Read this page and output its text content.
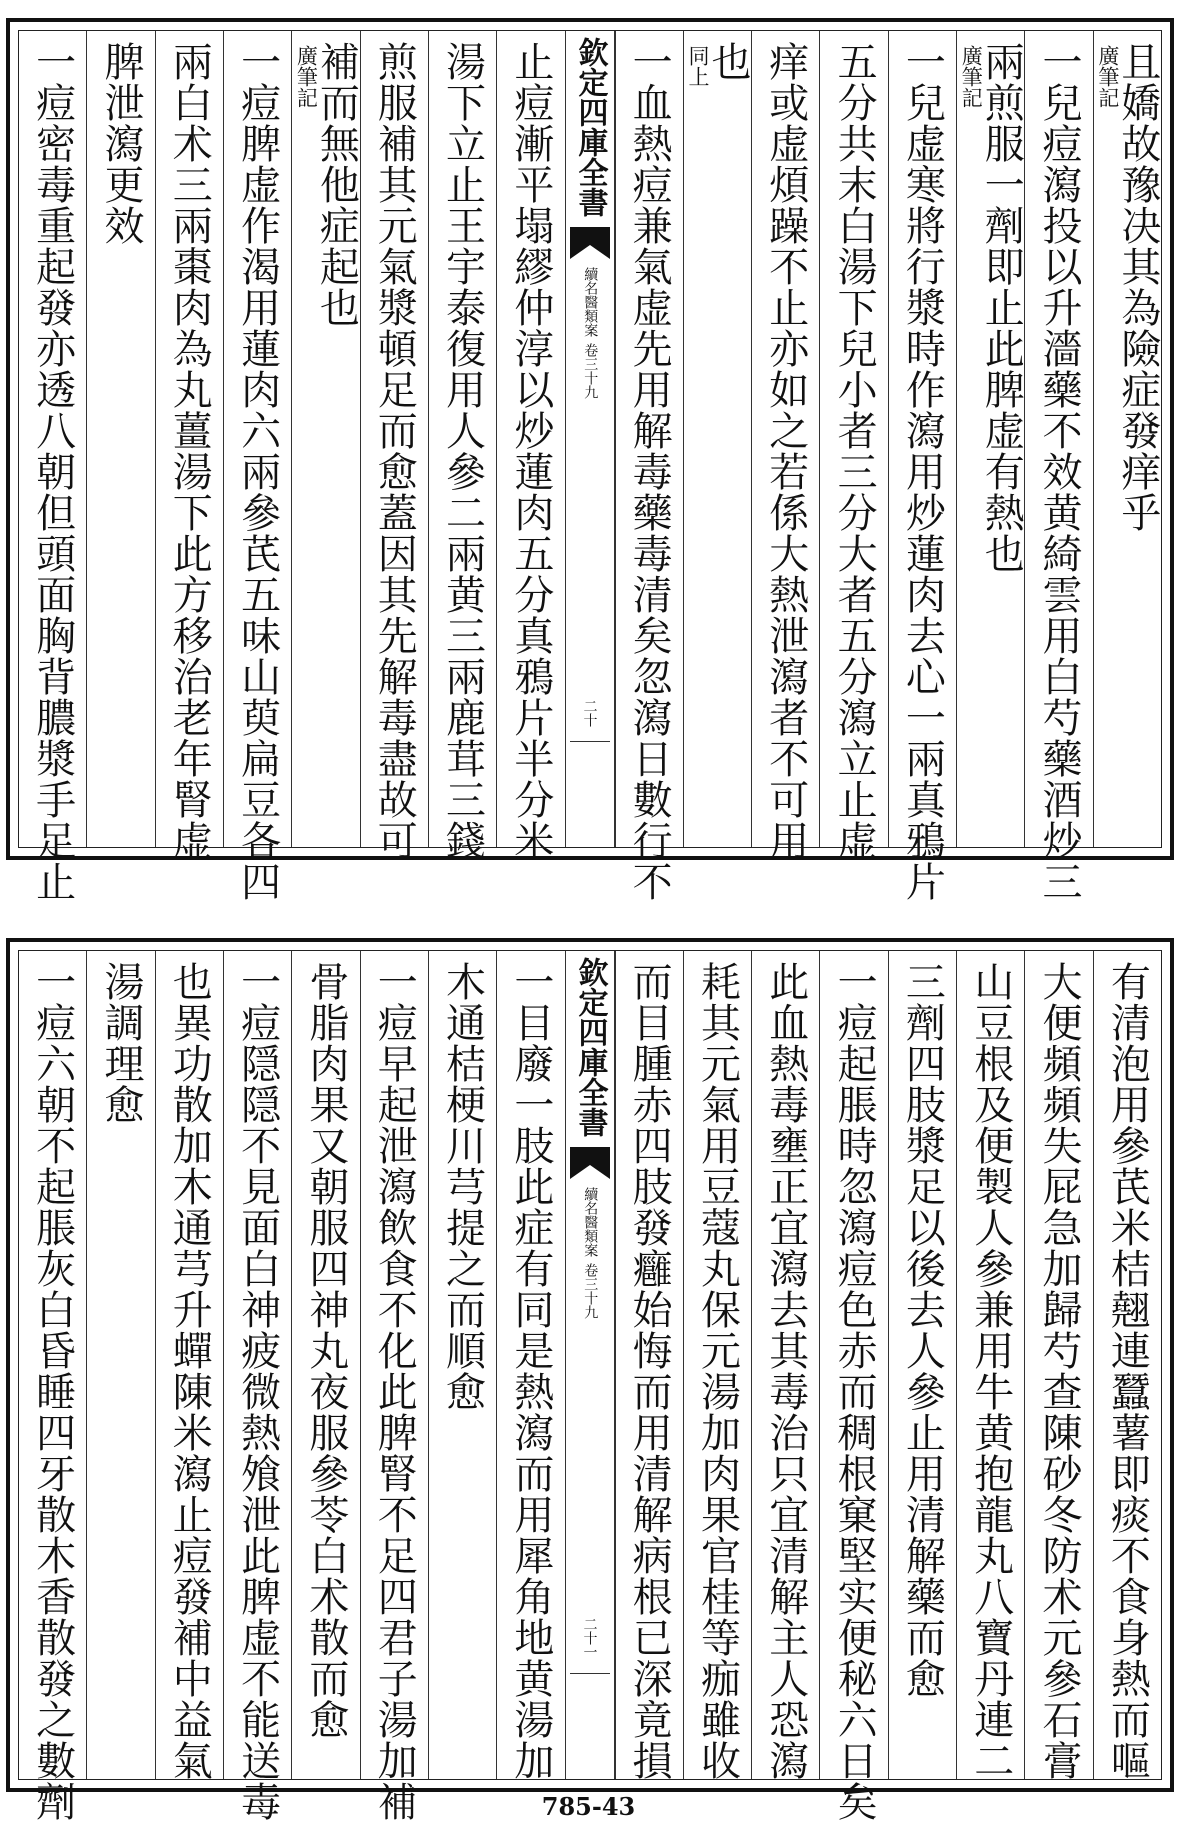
且嬌故豫决其為險症發痒乎
廣筆記
一兒痘瀉投以升濇藥不效黄綺雲用白芍藥酒炒三
兩煎服一劑即止此脾虚有熱也
廣筆記
一兒虚寒將行漿時作瀉用炒蓮肉去心一兩真鴉片
五分共末白湯下兒小者三分大者五分瀉立止虚
痒或虚煩躁不止亦如之若係大熱泄瀉者不可用
也
同上
一血熱痘兼氣虚先用解毒藥毒清矣忽瀉日數行不
欽定四庫全書
續名醫類案
卷三十九
二十
止痘漸平塌繆仲淳以炒蓮肉五分真鴉片半分米
湯下立止王宇泰復用人參二兩黄三兩鹿茸三錢
煎服補其元氣漿頓足而愈蓋因其先解毒盡故可
補而無他症起也
廣筆記
一痘脾虚作渴用蓮肉六兩參芪五味山萸扁豆各四
兩白术三兩棗肉為丸薑湯下此方移治老年腎虚
脾泄瀉更效
一痘密毒重起發亦透八朝但頭面胸背膿漿手足止
有清泡用參芪米桔翹連蠶薯即痰不食身熱而嘔
大便頻頻失屁急加歸芍查陳砂冬防术元參石膏
山豆根及便製人參兼用牛黄抱龍丸八寶丹連二
三劑四肢漿足以後去人參止用清解藥而愈
一痘起脹時忽瀉痘色赤而稠根窠堅实便秘六日矣
此血熱毒壅正宜瀉去其毒治只宜清解主人恐瀉
耗其元氣用豆蔻丸保元湯加肉果官桂等痂雖收
而目腫赤四肢發癰始悔而用清解病根已深竟損
欽定四庫全書
續名醫類案
卷三十九
二十一
一目廢一肢此症有同是熱瀉而用犀角地黄湯加
木通桔梗川芎提之而順愈
一痘早起泄瀉飲食不化此脾腎不足四君子湯加補
骨脂肉果又朝服四神丸夜服參苓白术散而愈
一痘隠隠不見面白神疲微熱飧泄此脾虚不能送毒
也異功散加木通芎升蟬陳米瀉止痘發補中益氣
湯調理愈
一痘六朝不起脹灰白昏睡四牙散木香散發之數劑	785-43
